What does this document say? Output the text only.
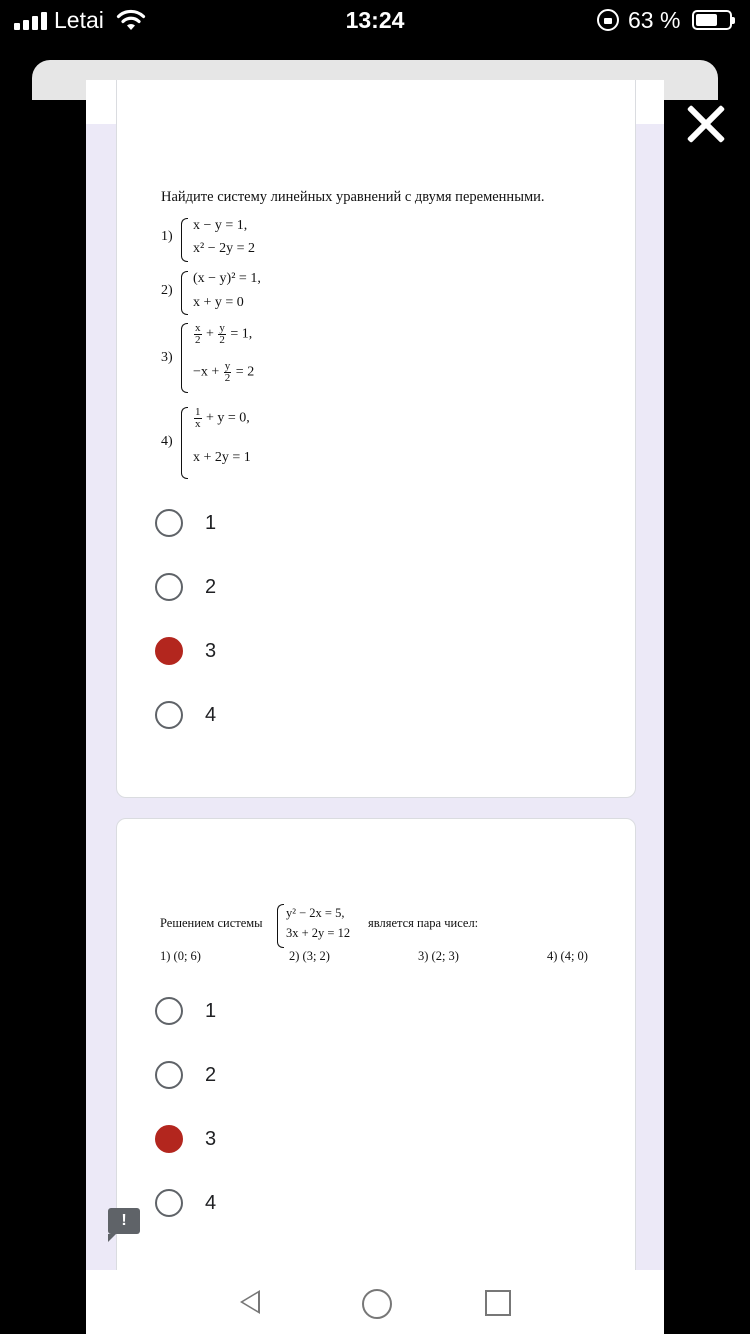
Letai	13:24	63 %
Найдите систему линейных уравнений с двумя переменными.
1)
x − y = 1,
x² − 2y = 2
2)
(x − y)² = 1,
x + y = 0
3)
$\frac{x}{2} + \frac{y}{2} = 1$,
$-x + \frac{y}{2} = 2$
4)
$\frac{1}{x} + y = 0$,
x + 2y = 1
1
2
3
4
Решением системы
y² − 2x = 5,
3x + 2y = 12
является пара чисел:
1) (0; 6)	2) (3; 2)	3) (2; 3)	4) (4; 0)
1
2
3
4
!
